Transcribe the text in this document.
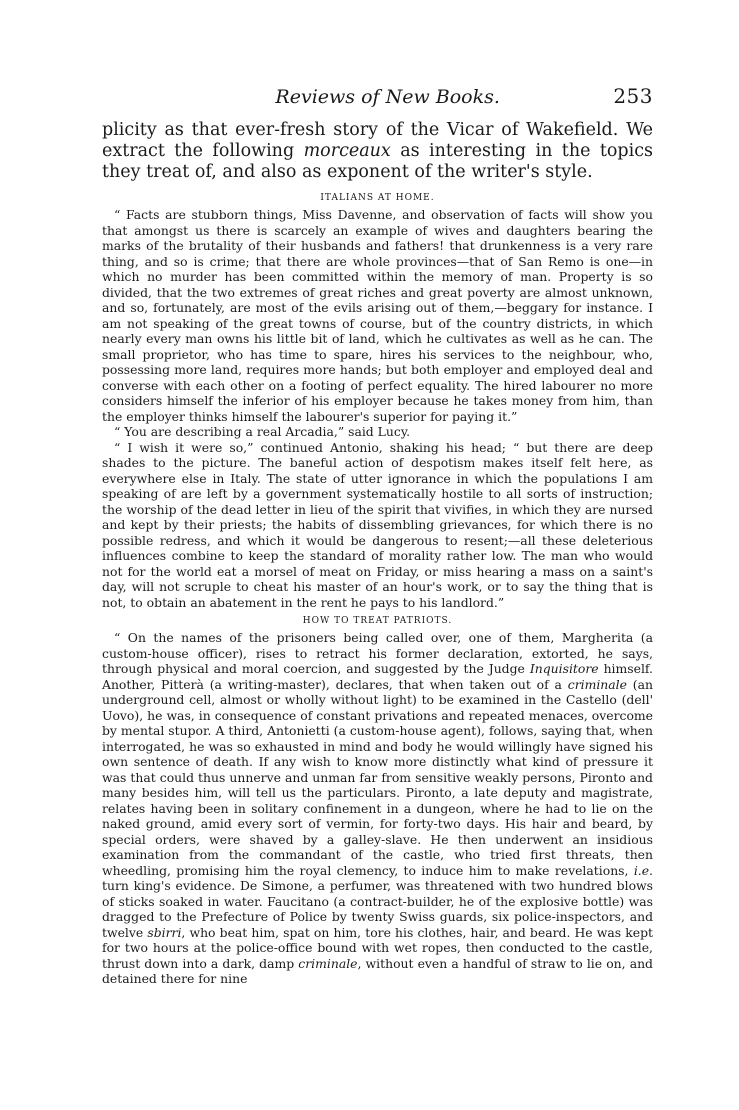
Reviews of New Books.	253

plicity as that ever-fresh story of the Vicar of Wakefield. We extract the following morceaux as interesting in the topics they treat of, and also as exponent of the writer's style.

ITALIANS AT HOME.

“ Facts are stubborn things, Miss Davenne, and observation of facts will show you that amongst us there is scarcely an example of wives and daughters bearing the marks of the brutality of their husbands and fathers! that drunkenness is a very rare thing, and so is crime; that there are whole provinces—that of San Remo is one—in which no murder has been committed within the memory of man. Property is so divided, that the two extremes of great riches and great poverty are almost unknown, and so, fortunately, are most of the evils arising out of them,—beggary for instance. I am not speaking of the great towns of course, but of the country districts, in which nearly every man owns his little bit of land, which he cultivates as well as he can. The small proprietor, who has time to spare, hires his services to the neighbour, who, possessing more land, requires more hands; but both employer and employed deal and converse with each other on a footing of perfect equality. The hired labourer no more considers himself the inferior of his employer because he takes money from him, than the employer thinks himself the labourer's superior for paying it.”

“ You are describing a real Arcadia,” said Lucy.

“ I wish it were so,” continued Antonio, shaking his head; “ but there are deep shades to the picture. The baneful action of despotism makes itself felt here, as everywhere else in Italy. The state of utter ignorance in which the populations I am speaking of are left by a government systematically hostile to all sorts of instruction; the worship of the dead letter in lieu of the spirit that vivifies, in which they are nursed and kept by their priests; the habits of dissembling grievances, for which there is no possible redress, and which it would be dangerous to resent;—all these deleterious influences combine to keep the standard of morality rather low. The man who would not for the world eat a morsel of meat on Friday, or miss hearing a mass on a saint's day, will not scruple to cheat his master of an hour's work, or to say the thing that is not, to obtain an abatement in the rent he pays to his landlord.”

HOW TO TREAT PATRIOTS.

“ On the names of the prisoners being called over, one of them, Margherita (a custom-house officer), rises to retract his former declaration, extorted, he says, through physical and moral coercion, and suggested by the Judge Inquisitore himself. Another, Pitterà (a writing-master), declares, that when taken out of a criminale (an underground cell, almost or wholly without light) to be examined in the Castello (dell' Uovo), he was, in consequence of constant privations and repeated menaces, overcome by mental stupor. A third, Antonietti (a custom-house agent), follows, saying that, when interrogated, he was so exhausted in mind and body he would willingly have signed his own sentence of death. If any wish to know more distinctly what kind of pressure it was that could thus unnerve and unman far from sensitive weakly persons, Pironto and many besides him, will tell us the particulars. Pironto, a late deputy and magistrate, relates having been in solitary confinement in a dungeon, where he had to lie on the naked ground, amid every sort of vermin, for forty-two days. His hair and beard, by special orders, were shaved by a galley-slave. He then underwent an insidious examination from the commandant of the castle, who tried first threats, then wheedling, promising him the royal clemency, to induce him to make revelations, i.e. turn king's evidence. De Simone, a perfumer, was threatened with two hundred blows of sticks soaked in water. Faucitano (a contract-builder, he of the explosive bottle) was dragged to the Prefecture of Police by twenty Swiss guards, six police-inspectors, and twelve sbirri, who beat him, spat on him, tore his clothes, hair, and beard. He was kept for two hours at the police-office bound with wet ropes, then conducted to the castle, thrust down into a dark, damp criminale, without even a handful of straw to lie on, and detained there for nine
